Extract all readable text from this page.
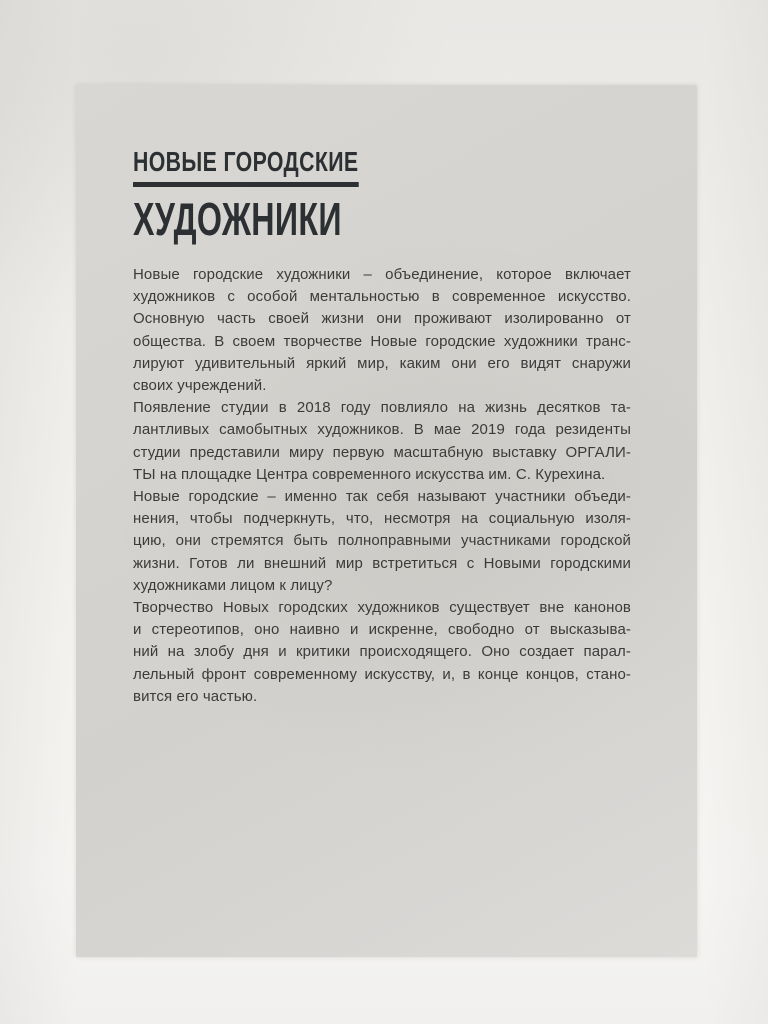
НОВЫЕ ГОРОДСКИЕ
ХУДОЖНИКИ
Новые городские художники – объединение, которое включает
художников с особой ментальностью в современное искусство.
Основную часть своей жизни они проживают изолированно от
общества. В своем творчестве Новые городские художники транс-
лируют удивительный яркий мир, каким они его видят снаружи
своих учреждений.
Появление студии в 2018 году повлияло на жизнь десятков та-
лантливых самобытных художников. В мае 2019 года резиденты
студии представили миру первую масштабную выставку ОРГАЛИ-
ТЫ на площадке Центра современного искусства им. С. Курехина.
Новые городские – именно так себя называют участники объеди-
нения, чтобы подчеркнуть, что, несмотря на социальную изоля-
цию, они стремятся быть полноправными участниками городской
жизни. Готов ли внешний мир встретиться с Новыми городскими
художниками лицом к лицу?
Творчество Новых городских художников существует вне канонов
и стереотипов, оно наивно и искренне, свободно от высказыва-
ний на злобу дня и критики происходящего. Оно создает парал-
лельный фронт современному искусству, и, в конце концов, стано-
вится его частью.
